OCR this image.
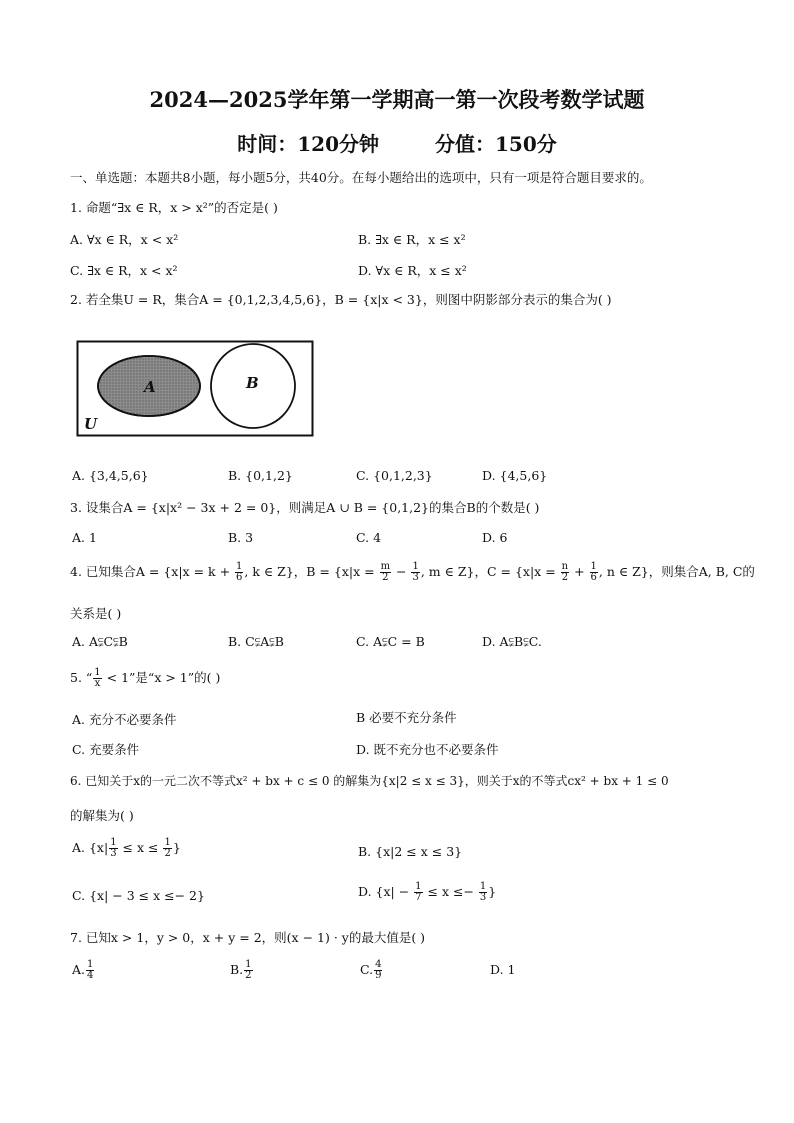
2024—2025学年第一学期高一第一次段考数学试题
时间：120分钟	分值：150分
一、单选题：本题共8小题，每小题5分，共40分。在每小题给出的选项中，只有一项是符合题目要求的。
1. 命题“∃x ∈ R，x > x²”的否定是( )
A. ∀x ∈ R，x < x²	B. ∃x ∈ R，x ≤ x²
C. ∃x ∈ R，x < x²	D. ∀x ∈ R，x ≤ x²
2. 若全集U = R，集合A = {0,1,2,3,4,5,6}，B = {x|x < 3}，则图中阴影部分表示的集合为( )
A	B
U
A. {3,4,5,6}	B. {0,1,2}	C. {0,1,2,3}	D. {4,5,6}
3. 设集合A = {x|x² − 3x + 2 = 0}，则满足A ∪ B = {0,1,2}的集合B的个数是( )
A. 1	B. 3	C. 4	D. 6
4. 已知集合$A = \{x|x = k + \frac{1}{6}$ , k ∈ Z}，$B = \{x|x = \frac{m}{2} - \frac{1}{3}$ , m ∈ Z}，$C = \{x|x = \frac{n}{2} + \frac{1}{6}$ , n ∈ Z}，则集合A, B, C的
关系是( )
A. A⫋C⫋B	B. C⫋A⫋B	C. A⫋C = B	D. A⫋B⫋C.
5. “ $\frac{1}{x} < 1$”是“x > 1”的( )
A. 充分不必要条件	B 必要不充分条件
C. 充要条件	D. 既不充分也不必要条件
6. 已知关于x的一元二次不等式x² + bx + c ≤ 0 的解集为{x|2 ≤ x ≤ 3}，则关于x的不等式cx² + bx + 1 ≤ 0
的解集为( )
A. {$x| \frac{1}{3} \le x \le \frac{1}{2}$ }	B. {x|2 ≤ x ≤ 3}
C. {x| − 3 ≤ x ≤− 2}	D. {$x| - \frac{1}{7} \le x \le- \frac{1}{3}$ }
7. 已知x > 1，y > 0，x + y = 2，则(x − 1) · y的最大值是( )
A. $\frac{1}{4}$	B. $\frac{1}{2}$	C. $\frac{4}{9}$	D. 1
